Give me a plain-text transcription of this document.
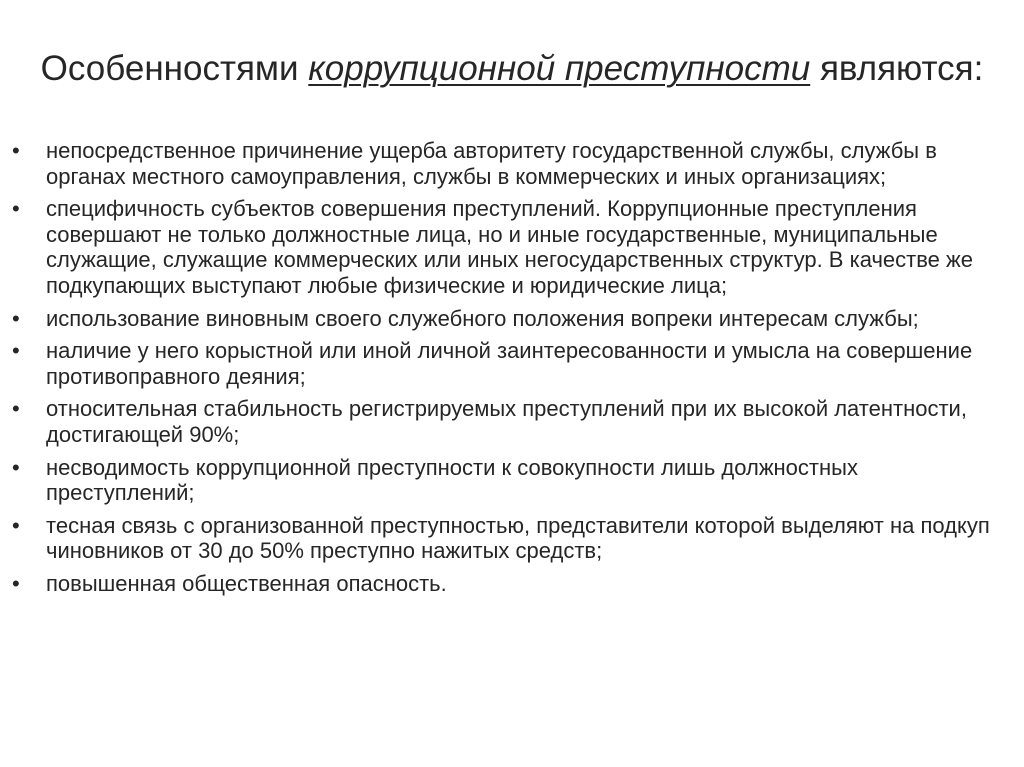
Особенностями коррупционной преступности являются:
•	непосредственное причинение ущерба авторитету государственной службы, службы в органах местного самоуправления, службы в коммерческих и иных организациях;
•	специфичность субъектов совершения преступлений. Коррупционные преступления совершают не только должностные лица, но и иные государственные, муниципальные служащие, служащие коммерческих или иных негосударственных структур. В качестве же подкупающих выступают любые физические и юридические лица;
•	использование виновным своего служебного положения вопреки интересам службы;
•	наличие у него корыстной или иной личной заинтересованности и умысла на совершение противоправного деяния;
•	относительная стабильность регистрируемых преступлений при их высокой латентности, достигающей 90%;
•	несводимость коррупционной преступности к совокупности лишь должностных преступлений;
•	тесная связь с организованной преступностью, представители которой выделяют на подкуп чиновников от 30 до 50% преступно нажитых средств;
•	повышенная общественная опасность.
